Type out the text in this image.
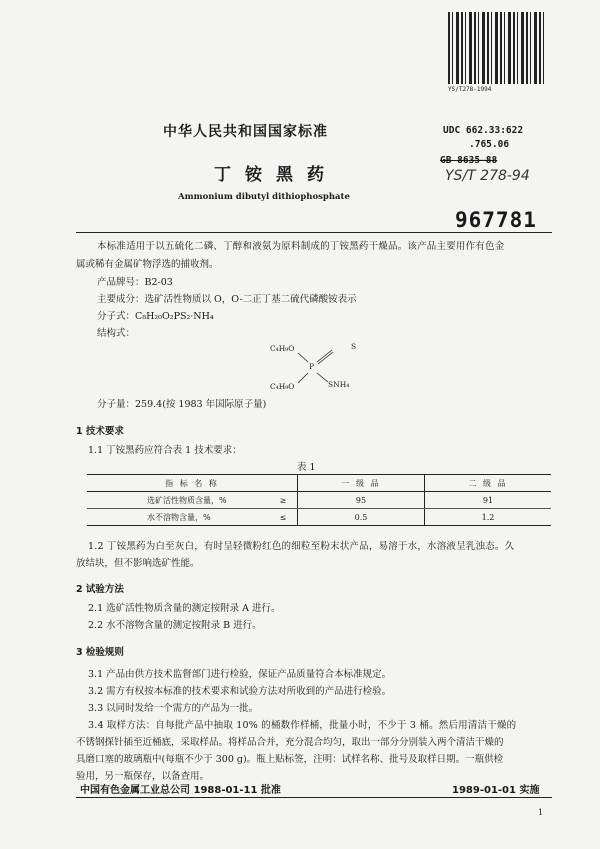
YS/T278-1994
中华人民共和国国家标准	UDC 662.33:622
.765.06
GB 8635—88
YS/T 278-94
丁铵黑药
Ammonium dibutyl dithiophosphate
967781
本标准适用于以五硫化二磷、丁醇和液氨为原料制成的丁铵黑药干燥品。该产品主要用作有色金
属或稀有金属矿物浮选的捕收剂。
产品牌号：B2-03
主要成分：选矿活性物质以 O，O-二正丁基二硫代磷酸铵表示
分子式：C₈H₂₀O₂PS₂·NH₄
结构式：
C₄H₉O	S
P
C₄H₉O	SNH₄
分子量：259.4(按 1983 年国际原子量)
1 技术要求
1.1 丁铵黑药应符合表 1 技术要求：
表 1
指 标 名 称		一 级 品	二 级 品
选矿活性物质含量，%	≥	95	91
水不溶物含量，%	≤	0.5	1.2
1.2 丁铵黑药为白至灰白，有时呈轻微粉红色的细粒至粉末状产品，易溶于水，水溶液呈乳浊态。久
放结块，但不影响选矿性能。
2 试验方法
2.1 选矿活性物质含量的测定按附录 A 进行。
2.2 水不溶物含量的测定按附录 B 进行。
3 检验规则
3.1 产品由供方技术监督部门进行检验，保证产品质量符合本标准规定。
3.2 需方有权按本标准的技术要求和试验方法对所收到的产品进行检验。
3.3 以同时发给一个需方的产品为一批。
3.4 取样方法：自每批产品中抽取 10% 的桶数作样桶，批量小时，不少于 3 桶。然后用清洁干燥的
不锈钢探针插至近桶底，采取样品。将样品合并，充分混合均匀，取出一部分分别装入两个清洁干燥的
具磨口塞的玻璃瓶中(每瓶不少于 300 g)。瓶上贴标签，注明：试样名称、批号及取样日期。一瓶供检
验用，另一瓶保存，以备查用。
中国有色金属工业总公司 1988-01-11 批准	1989-01-01 实施
1
